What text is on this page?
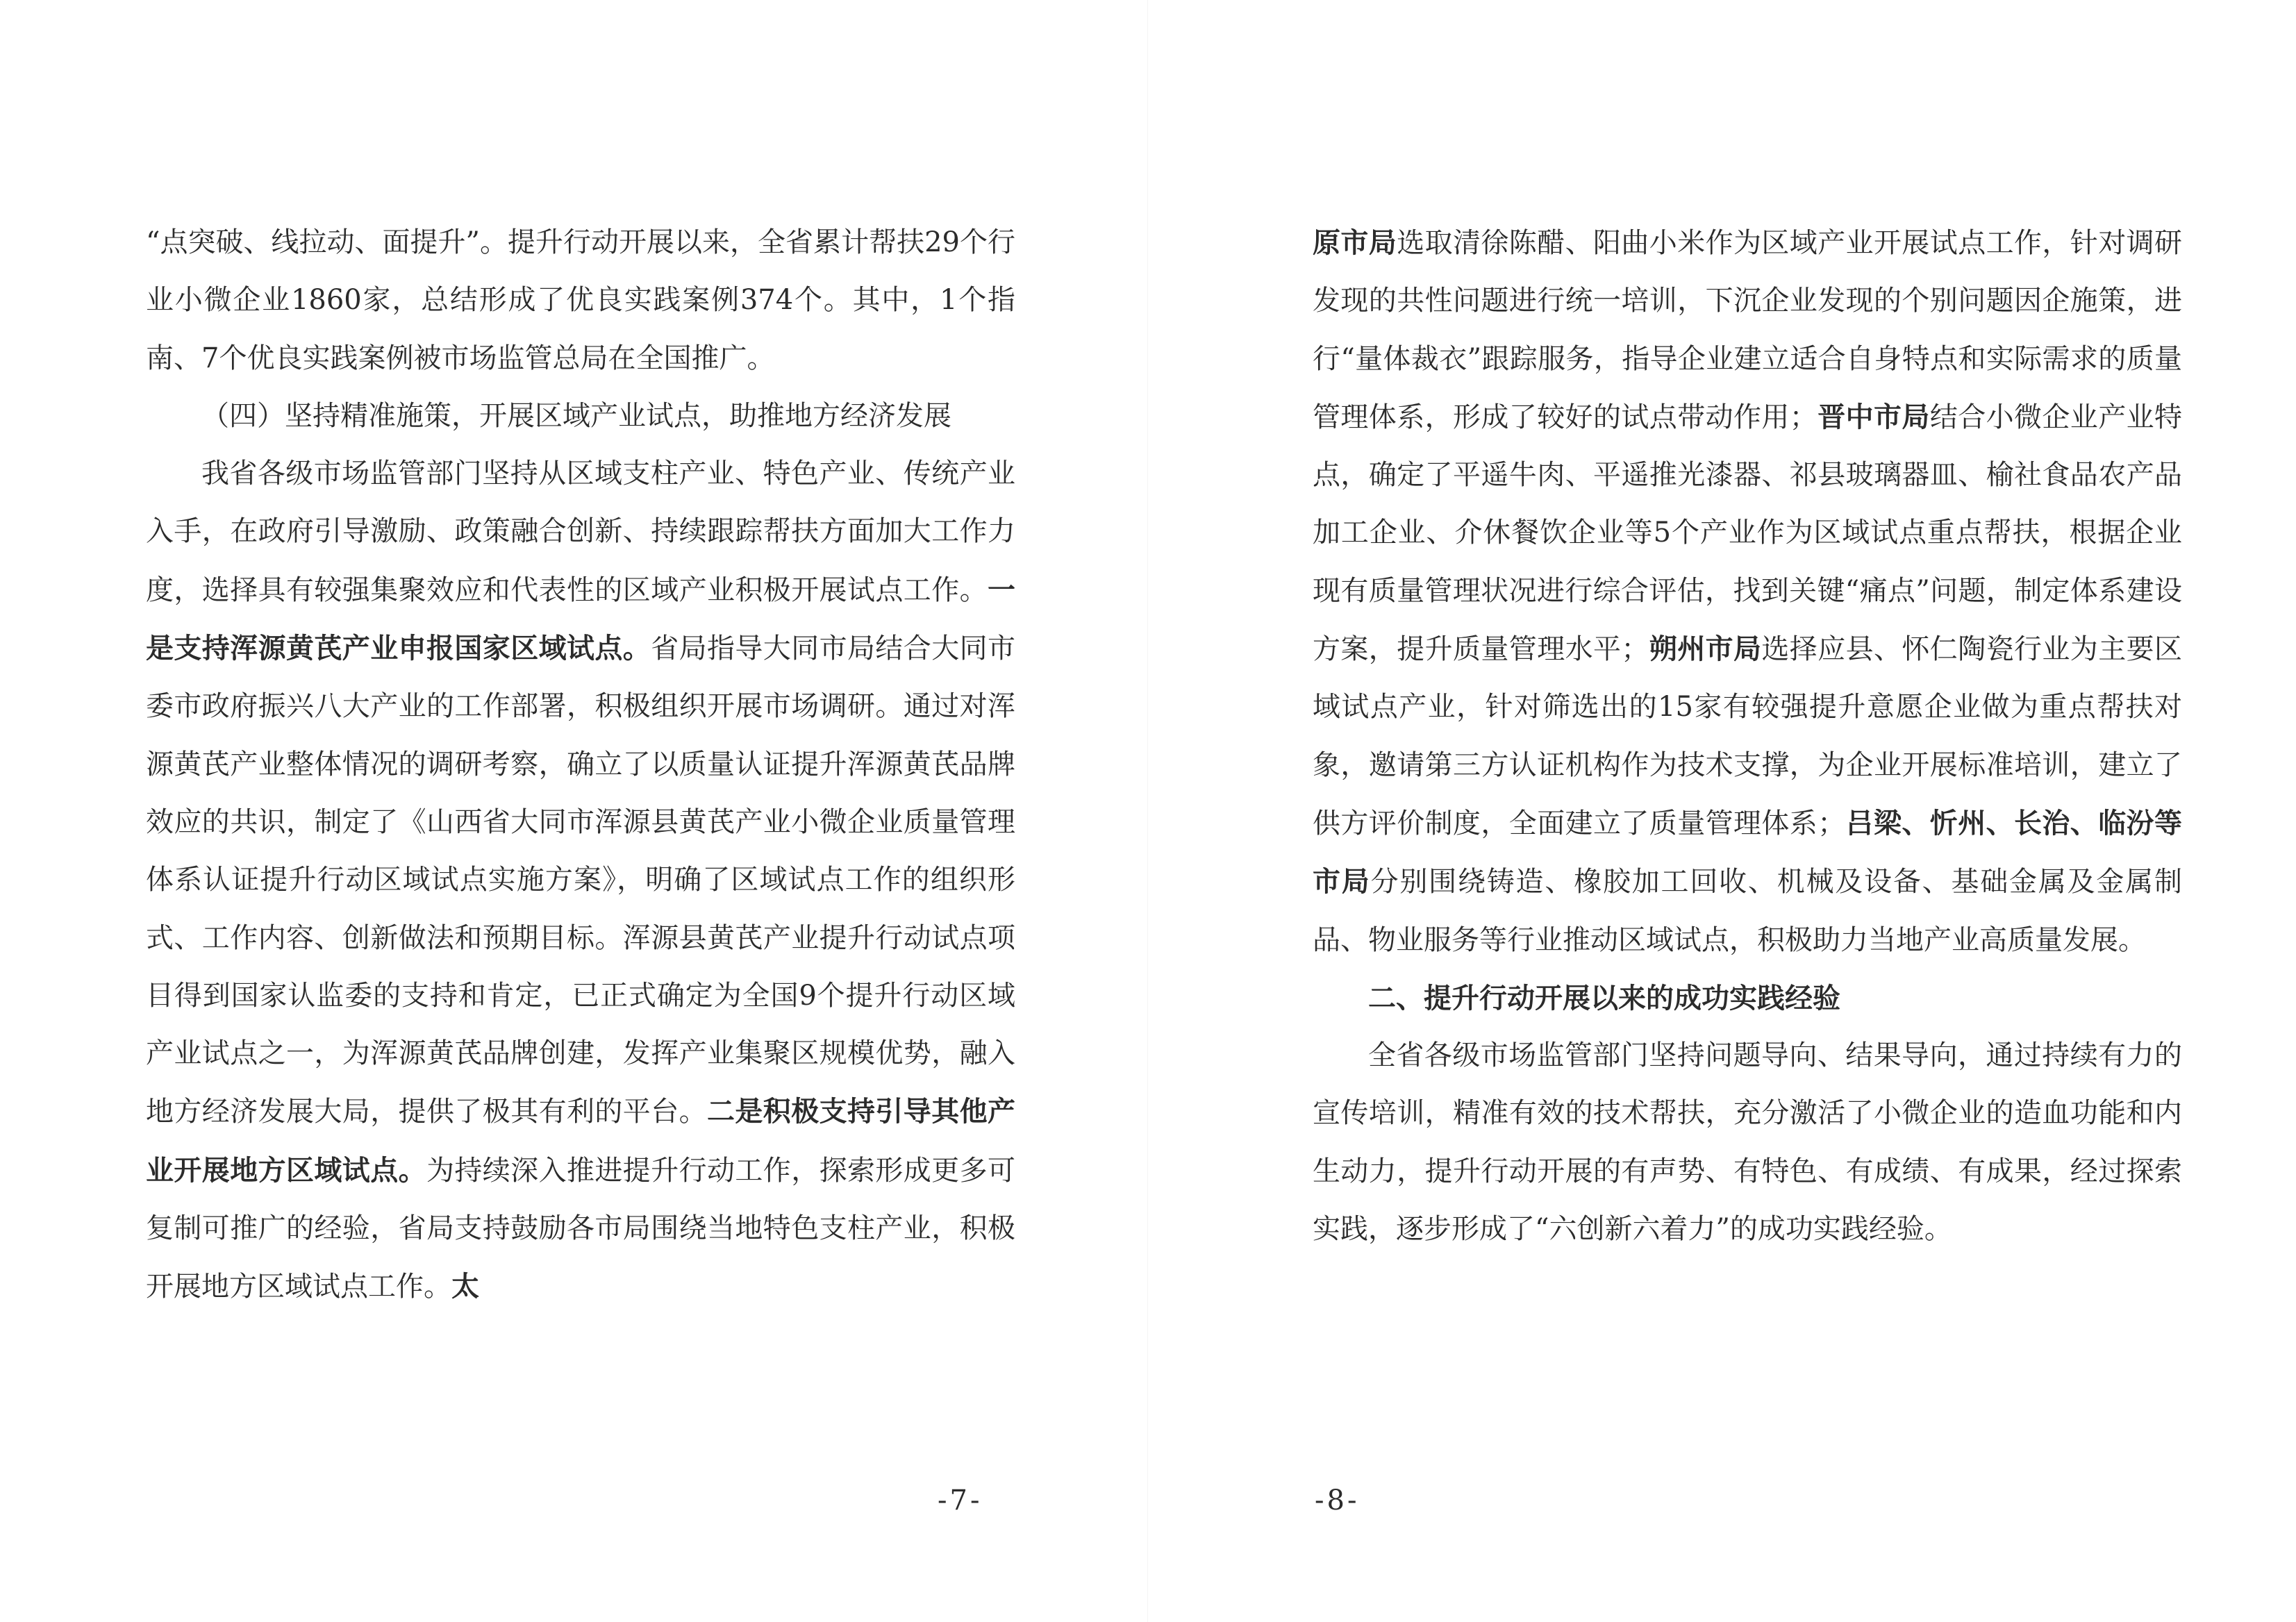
“点突破、线拉动、面提升”。提升行动开展以来，全省累计帮扶29个行业小微企业1860家，总结形成了优良实践案例374个。其中，1个指南、7个优良实践案例被市场监管总局在全国推广。

（四）坚持精准施策，开展区域产业试点，助推地方经济发展

我省各级市场监管部门坚持从区域支柱产业、特色产业、传统产业入手，在政府引导激励、政策融合创新、持续跟踪帮扶方面加大工作力度，选择具有较强集聚效应和代表性的区域产业积极开展试点工作。一是支持浑源黄芪产业申报国家区域试点。省局指导大同市局结合大同市委市政府振兴八大产业的工作部署，积极组织开展市场调研。通过对浑源黄芪产业整体情况的调研考察，确立了以质量认证提升浑源黄芪品牌效应的共识，制定了《山西省大同市浑源县黄芪产业小微企业质量管理体系认证提升行动区域试点实施方案》，明确了区域试点工作的组织形式、工作内容、创新做法和预期目标。浑源县黄芪产业提升行动试点项目得到国家认监委的支持和肯定，已正式确定为全国9个提升行动区域产业试点之一，为浑源黄芪品牌创建，发挥产业集聚区规模优势，融入地方经济发展大局，提供了极其有利的平台。二是积极支持引导其他产业开展地方区域试点。为持续深入推进提升行动工作，探索形成更多可复制可推广的经验，省局支持鼓励各市局围绕当地特色支柱产业，积极开展地方区域试点工作。太

-7-

原市局选取清徐陈醋、阳曲小米作为区域产业开展试点工作，针对调研发现的共性问题进行统一培训，下沉企业发现的个别问题因企施策，进行“量体裁衣”跟踪服务，指导企业建立适合自身特点和实际需求的质量管理体系，形成了较好的试点带动作用；晋中市局结合小微企业产业特点，确定了平遥牛肉、平遥推光漆器、祁县玻璃器皿、榆社食品农产品加工企业、介休餐饮企业等5个产业作为区域试点重点帮扶，根据企业现有质量管理状况进行综合评估，找到关键“痛点”问题，制定体系建设方案，提升质量管理水平；朔州市局选择应县、怀仁陶瓷行业为主要区域试点产业，针对筛选出的15家有较强提升意愿企业做为重点帮扶对象，邀请第三方认证机构作为技术支撑，为企业开展标准培训，建立了供方评价制度，全面建立了质量管理体系；吕梁、忻州、长治、临汾等市局分别围绕铸造、橡胶加工回收、机械及设备、基础金属及金属制品、物业服务等行业推动区域试点，积极助力当地产业高质量发展。

二、提升行动开展以来的成功实践经验

全省各级市场监管部门坚持问题导向、结果导向，通过持续有力的宣传培训，精准有效的技术帮扶，充分激活了小微企业的造血功能和内生动力，提升行动开展的有声势、有特色、有成绩、有成果，经过探索实践，逐步形成了“六创新六着力”的成功实践经验。

-8-
